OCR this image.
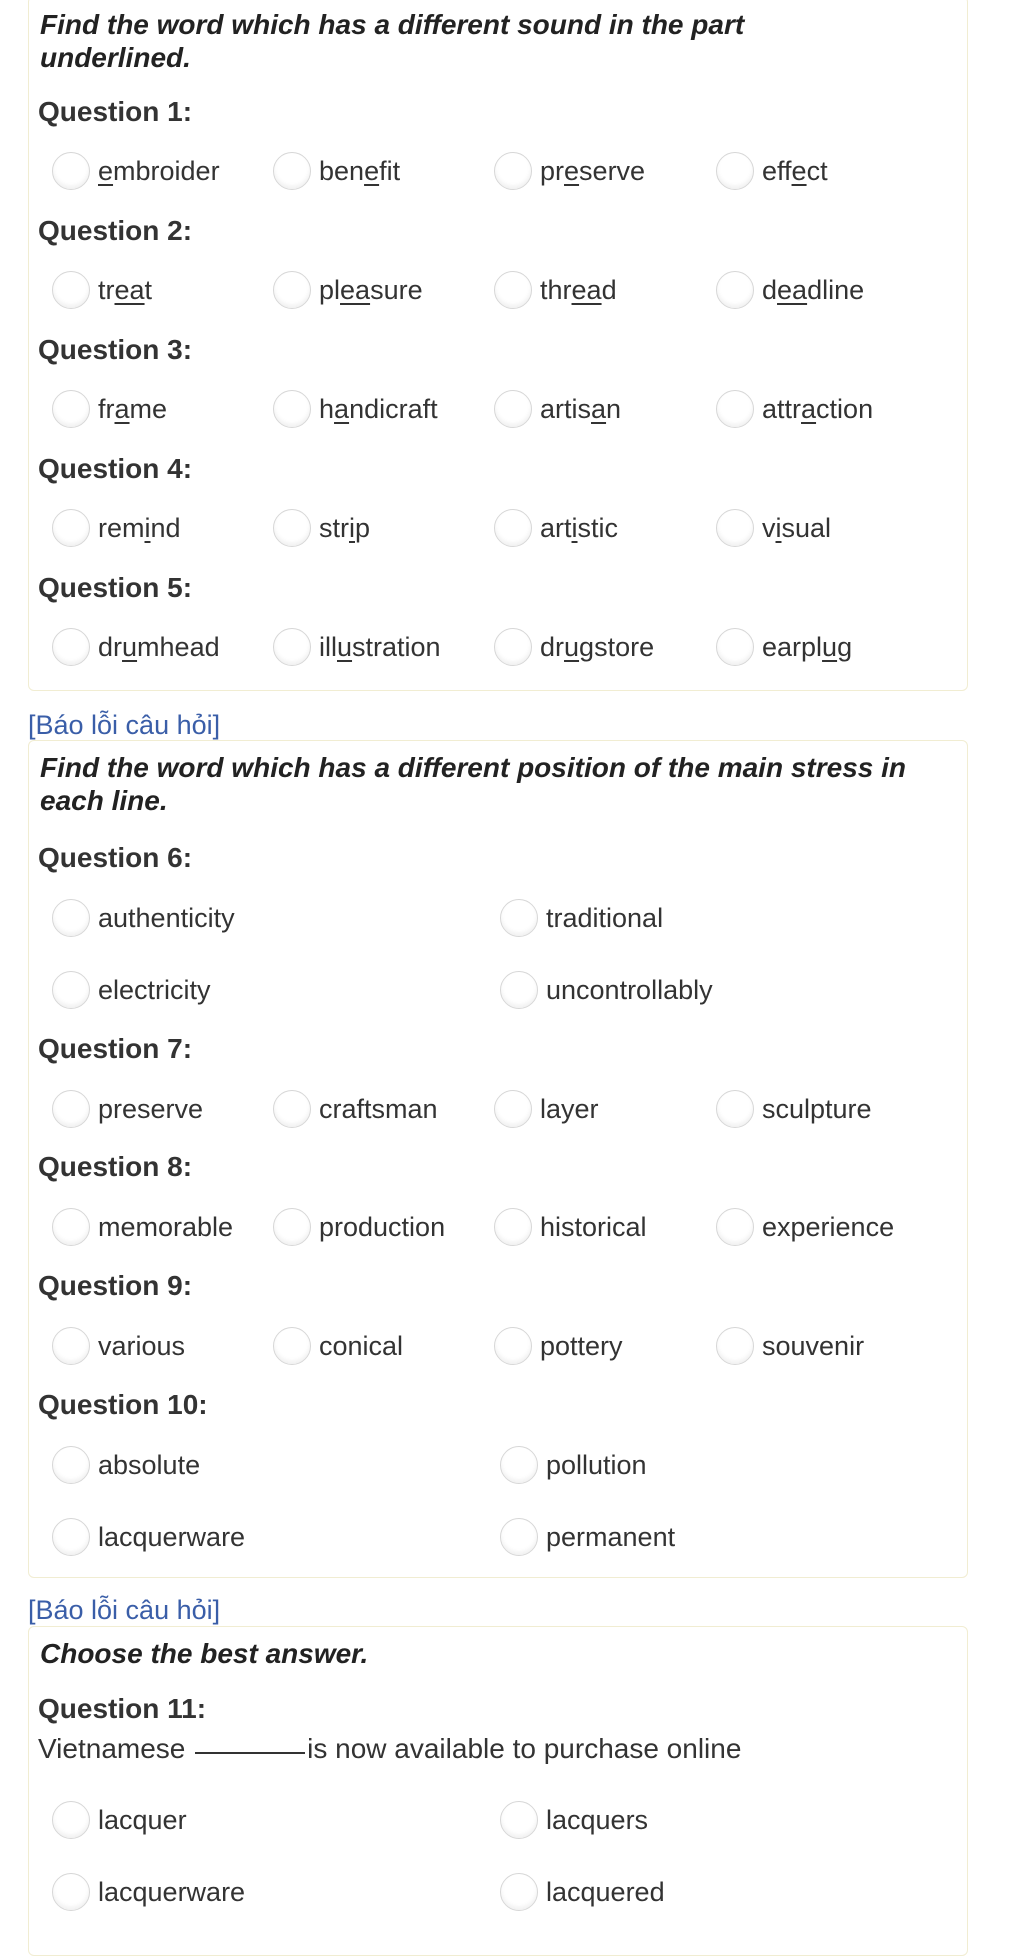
Find the word which has a different sound in the part underlined.

Question 1:
embroider	benefit	preserve	effect
Question 2:
treat	pleasure	thread	deadline
Question 3:
frame	handicraft	artisan	attraction
Question 4:
remind	strip	artistic	visual
Question 5:
drumhead	illustration	drugstore	earplug
[Báo lỗi câu hỏi]

Find the word which has a different position of the main stress in each line.

Question 6:
authenticity	traditional
electricity	uncontrollably
Question 7:
preserve	craftsman	layer	sculpture
Question 8:
memorable	production	historical	experience
Question 9:
various	conical	pottery	souvenir
Question 10:
absolute	pollution
lacquerware	permanent
[Báo lỗi câu hỏi]

Choose the best answer.

Question 11:
Vietnamese	is now available to purchase online
lacquer	lacquers
lacquerware	lacquered
